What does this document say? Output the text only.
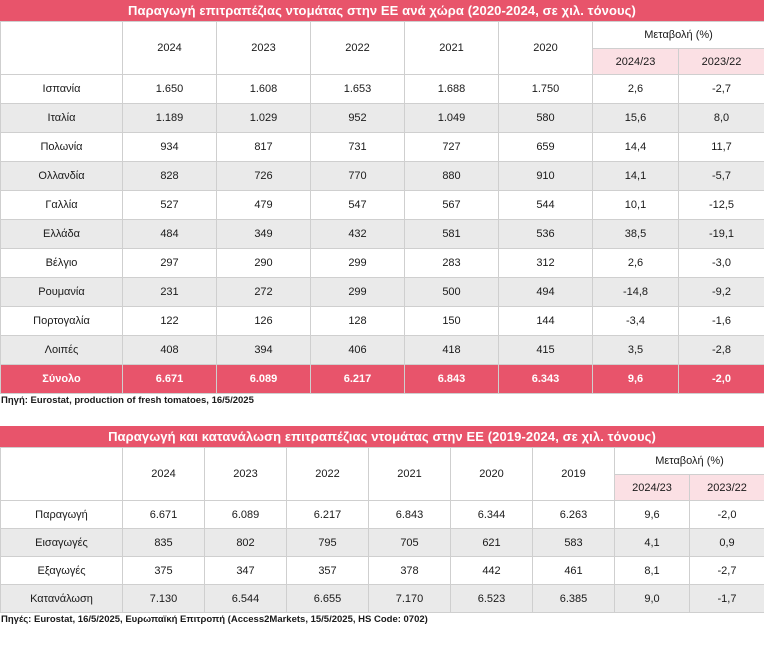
Παραγωγή επιτραπέζιας ντομάτας στην ΕΕ ανά χώρα (2020-2024, σε χιλ. τόνους)
	2024	2023	2022	2021	2020	Μεταβολή (%)	
						2024/23	2023/22
Ισπανία	1.650	1.608	1.653	1.688	1.750	2,6	-2,7
Ιταλία	1.189	1.029	952	1.049	580	15,6	8,0
Πολωνία	934	817	731	727	659	14,4	11,7
Ολλανδία	828	726	770	880	910	14,1	-5,7
Γαλλία	527	479	547	567	544	10,1	-12,5
Ελλάδα	484	349	432	581	536	38,5	-19,1
Βέλγιο	297	290	299	283	312	2,6	-3,0
Ρουμανία	231	272	299	500	494	-14,8	-9,2
Πορτογαλία	122	126	128	150	144	-3,4	-1,6
Λοιπές	408	394	406	418	415	3,5	-2,8
Σύνολο	6.671	6.089	6.217	6.843	6.343	9,6	-2,0
Πηγή: Eurostat, production of fresh tomatoes, 16/5/2025
Παραγωγή και κατανάλωση επιτραπέζιας ντομάτας στην ΕΕ (2019-2024, σε χιλ. τόνους)
	2024	2023	2022	2021	2020	2019	Μεταβολή (%)	
							2024/23	2023/22
Παραγωγή	6.671	6.089	6.217	6.843	6.344	6.263	9,6	-2,0
Εισαγωγές	835	802	795	705	621	583	4,1	0,9
Εξαγωγές	375	347	357	378	442	461	8,1	-2,7
Κατανάλωση	7.130	6.544	6.655	7.170	6.523	6.385	9,0	-1,7
Πηγές: Eurostat, 16/5/2025, Ευρωπαϊκή Επιτροπή (Access2Markets, 15/5/2025, HS Code: 0702)
